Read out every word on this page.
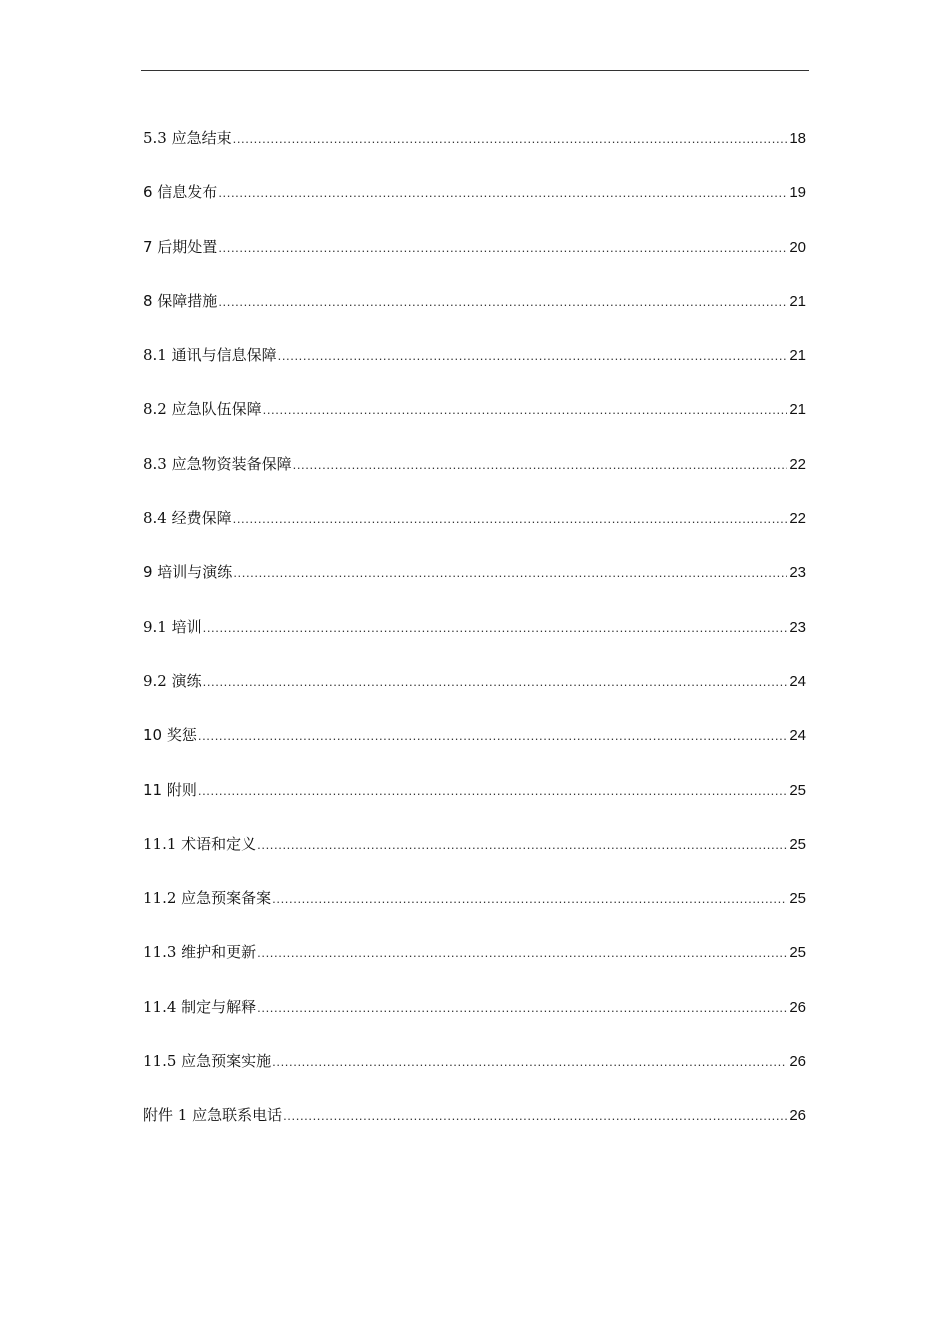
5.3 应急结束 .....	18
6 信息发布 .....	19
7 后期处置 .....	20
8 保障措施 .....	21
8.1 通讯与信息保障 .....	21
8.2 应急队伍保障 .....	21
8.3 应急物资装备保障 .....	22
8.4 经费保障 .....	22
9 培训与演练 .....	23
9.1 培训 .....	23
9.2 演练 .....	24
10 奖惩 .....	24
11 附则 .....	25
11.1 术语和定义 .....	25
11.2 应急预案备案 .....	25
11.3 维护和更新 .....	25
11.4 制定与解释 .....	26
11.5 应急预案实施 .....	26
附件 1 应急联系电话 .....	26
